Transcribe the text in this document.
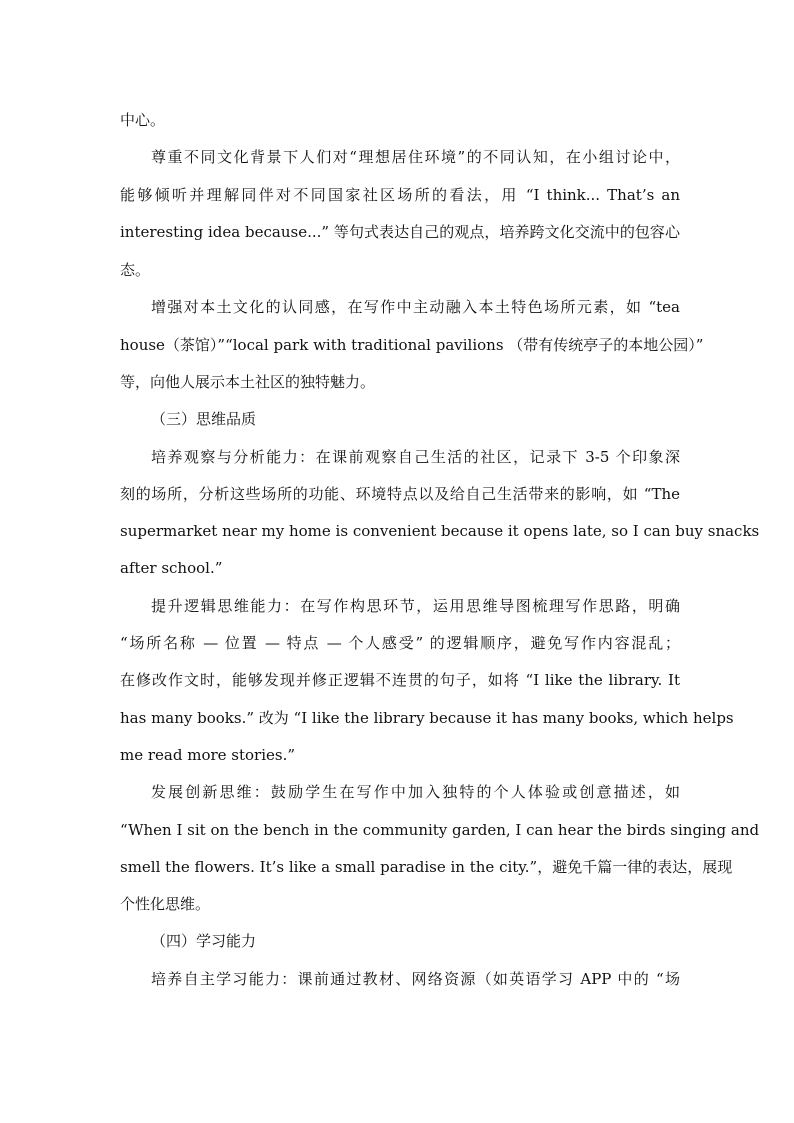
中心。
尊重不同文化背景下人们对“理想居住环境”的不同认知，在小组讨论中，
能够倾听并理解同伴对不同国家社区场所的看法，用 “I think... That’s an
interesting idea because...” 等句式表达自己的观点，培养跨文化交流中的包容心
态。
增强对本土文化的认同感，在写作中主动融入本土特色场所元素，如 “tea
house（茶馆）”“local park with traditional pavilions （带有传统亭子的本地公园）”
等，向他人展示本土社区的独特魅力。
（三）思维品质
培养观察与分析能力：在课前观察自己生活的社区，记录下 3-5 个印象深
刻的场所，分析这些场所的功能、环境特点以及给自己生活带来的影响，如 “The
supermarket near my home is convenient because it opens late, so I can buy snacks
after school.”
提升逻辑思维能力：在写作构思环节，运用思维导图梳理写作思路，明确
“场所名称 — 位置 — 特点 — 个人感受” 的逻辑顺序，避免写作内容混乱；
在修改作文时，能够发现并修正逻辑不连贯的句子，如将 “I like the library. It
has many books.” 改为 “I like the library because it has many books, which helps
me read more stories.”
发展创新思维：鼓励学生在写作中加入独特的个人体验或创意描述，如
“When I sit on the bench in the community garden, I can hear the birds singing and
smell the flowers. It’s like a small paradise in the city.”，避免千篇一律的表达，展现
个性化思维。
（四）学习能力
培养自主学习能力：课前通过教材、网络资源（如英语学习 APP 中的 “场
